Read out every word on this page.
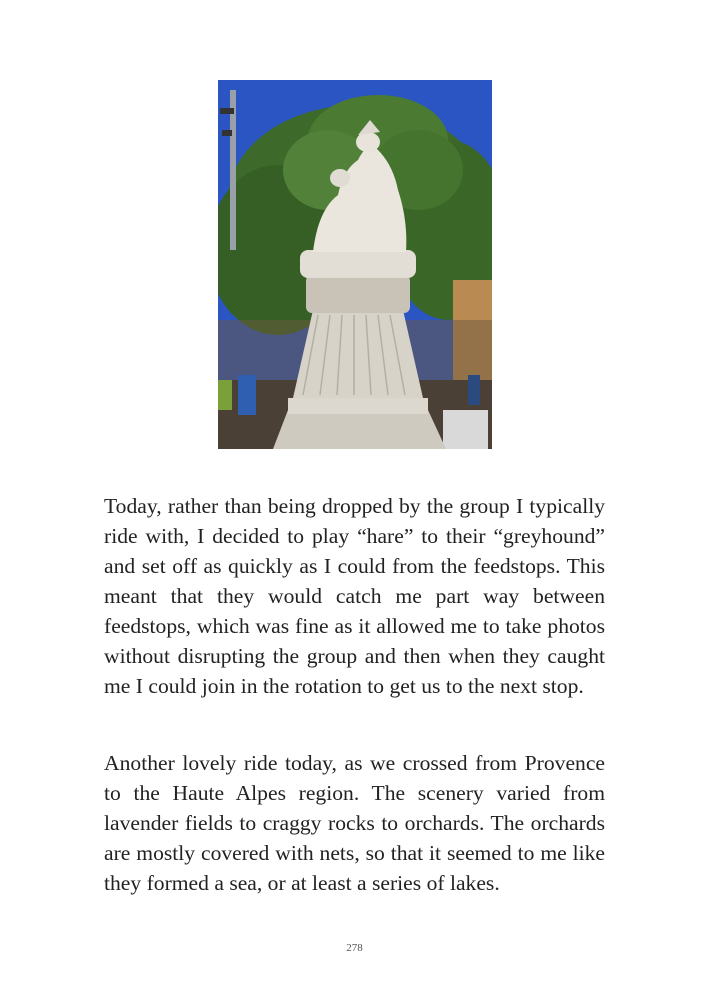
Today, rather than being dropped by the group I typically ride with, I decided to play “hare” to their “greyhound” and set off as quickly as I could from the feedstops. This meant that they would catch me part way between feedstops, which was fine as it allowed me to take photos without disrupting the group and then when they caught me I could join in the rotation to get us to the next stop.

Another lovely ride today, as we crossed from Provence to the Haute Alpes region. The scenery varied from lavender fields to craggy rocks to orchards. The orchards are mostly covered with nets, so that it seemed to me like they formed a sea, or at least a series of lakes.

278
